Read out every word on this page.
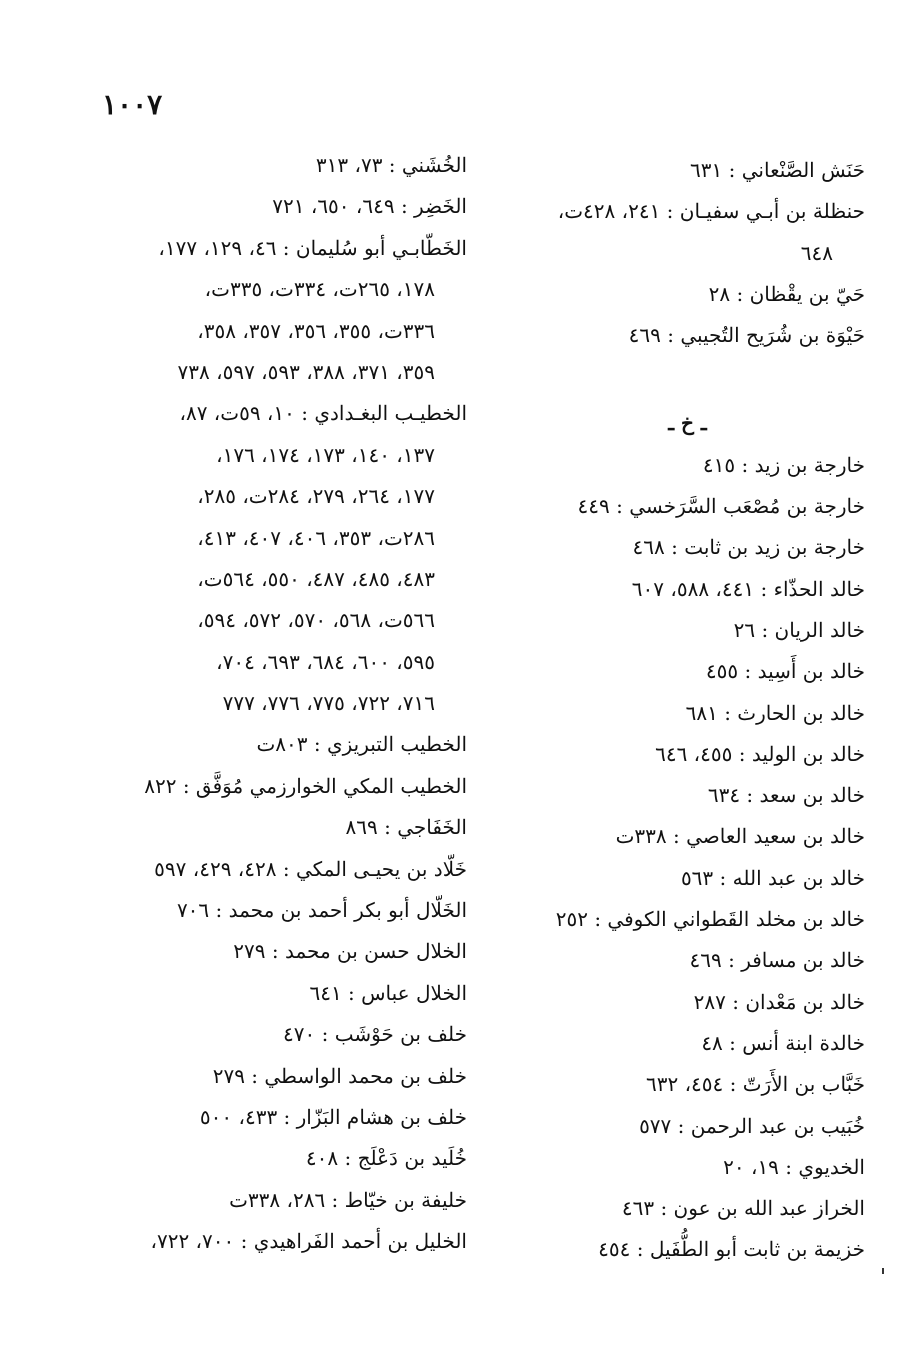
١٠٠٧
حَنَش الصَّنْعاني : ٦٣١
حنظلة بن أبـي سفيـان : ٢٤١، ٤٢٨ت،
٦٤٨
حَيّ بن يقْظان : ٢٨
حَيْوَة بن شُرَيح التُجيبي : ٤٦٩
ـ خ ـ
خارجة بن زيد : ٤١٥
خارجة بن مُصْعَب السَّرَخسي : ٤٤٩
خارجة بن زيد بن ثابت : ٤٦٨
خالد الحذّاء : ٤٤١، ٥٨٨، ٦٠٧
خالد الريان : ٢٦
خالد بن أَسِيد : ٤٥٥
خالد بن الحارث : ٦٨١
خالد بن الوليد : ٤٥٥، ٦٤٦
خالد بن سعد : ٦٣٤
خالد بن سعيد العاصي : ٣٣٨ت
خالد بن عبد الله : ٥٦٣
خالد بن مخلد القَطواني الكوفي : ٢٥٢
خالد بن مسافر : ٤٦٩
خالد بن مَعْدان : ٢٨٧
خالدة ابنة أنس : ٤٨
خَبَّاب بن الأَرَتّ : ٤٥٤، ٦٣٢
خُبَيب بن عبد الرحمن : ٥٧٧
الخديوي : ١٩، ٢٠
الخراز عبد الله بن عون : ٤٦٣
خزيمة بن ثابت أبو الطُّفَيل : ٤٥٤
الخُشَني : ٧٣، ٣١٣
الخَضِر : ٦٤٩، ٦٥٠، ٧٢١
الخَطّابـي أبو سُليمان : ٤٦، ١٢٩، ١٧٧،
١٧٨، ٢٦٥ت، ٣٣٤ت، ٣٣٥ت،
٣٣٦ت، ٣٥٥، ٣٥٦، ٣٥٧، ٣٥٨،
٣٥٩، ٣٧١، ٣٨٨، ٥٩٣، ٥٩٧، ٧٣٨
الخطيـب البغـدادي : ١٠، ٥٩ت، ٨٧،
١٣٧، ١٤٠، ١٧٣، ١٧٤، ١٧٦،
١٧٧، ٢٦٤، ٢٧٩، ٢٨٤ت، ٢٨٥،
٢٨٦ت، ٣٥٣، ٤٠٦، ٤٠٧، ٤١٣،
٤٨٣، ٤٨٥، ٤٨٧، ٥٥٠، ٥٦٤ت،
٥٦٦ت، ٥٦٨، ٥٧٠، ٥٧٢، ٥٩٤،
٥٩٥، ٦٠٠، ٦٨٤، ٦٩٣، ٧٠٤،
٧١٦، ٧٢٢، ٧٧٥، ٧٧٦، ٧٧٧
الخطيب التبريزي : ٨٠٣ت
الخطيب المكي الخوارزمي مُوَفَّق : ٨٢٢
الخَفَاجي : ٨٦٩
خَلّاد بن يحيـى المكي : ٤٢٨، ٤٢٩، ٥٩٧
الخَلّال أبو بكر أحمد بن محمد : ٧٠٦
الخلال حسن بن محمد : ٢٧٩
الخلال عباس : ٦٤١
خلف بن حَوْشَب : ٤٧٠
خلف بن محمد الواسطي : ٢٧٩
خلف بن هشام البَزّار : ٤٣٣، ٥٠٠
خُلَيد بن دَعْلَج : ٤٠٨
خليفة بن خيّاط : ٢٨٦، ٣٣٨ت
الخليل بن أحمد الفَراهيدي : ٧٠٠، ٧٢٢،
